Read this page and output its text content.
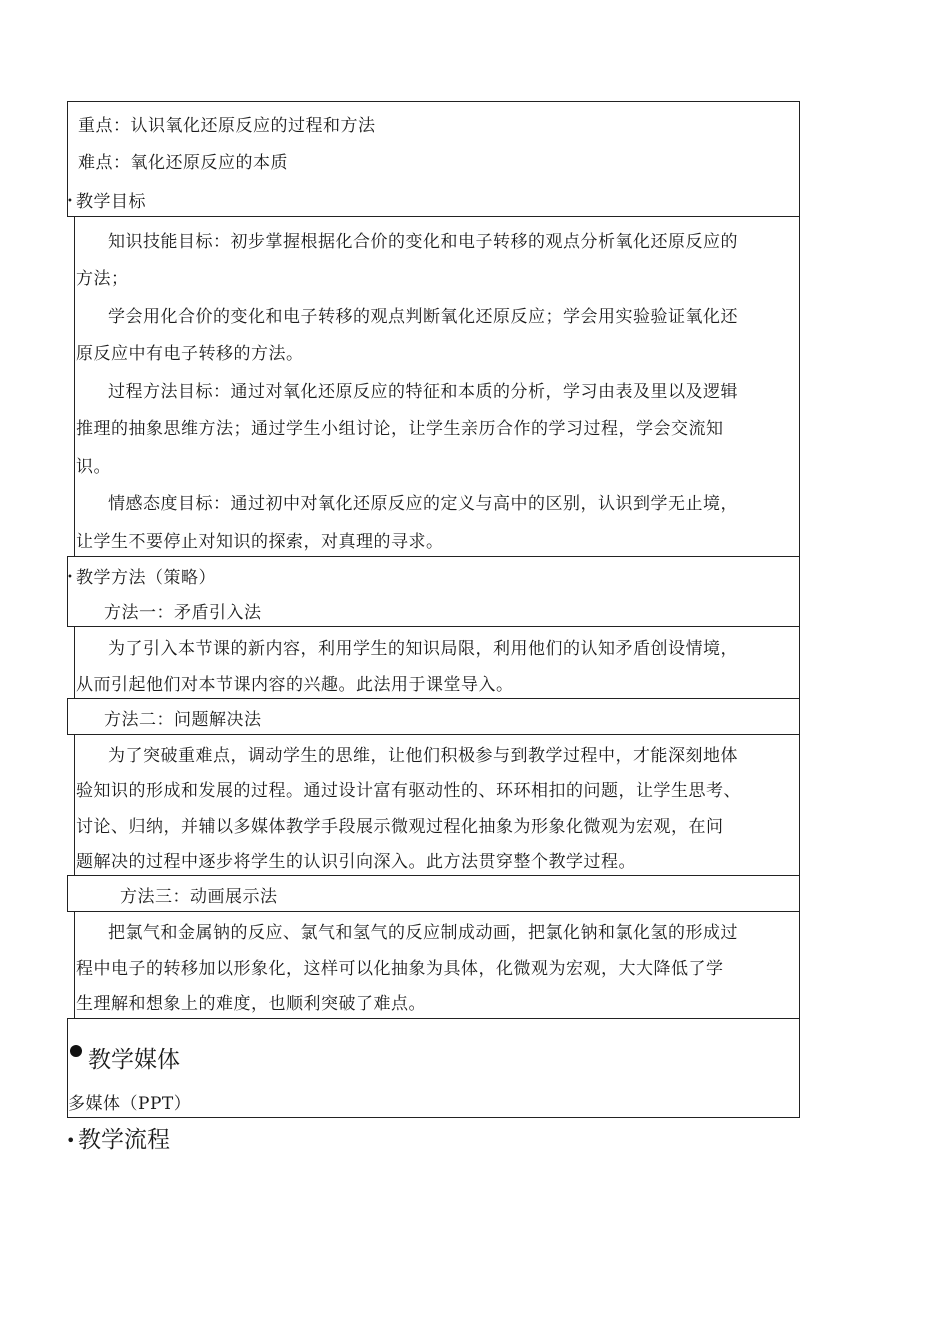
重点：认识氧化还原反应的过程和方法
难点：氧化还原反应的本质
• 教学目标
知识技能目标：初步掌握根据化合价的变化和电子转移的观点分析氧化还原反应的
方法；
学会用化合价的变化和电子转移的观点判断氧化还原反应；学会用实验验证氧化还
原反应中有电子转移的方法。
过程方法目标：通过对氧化还原反应的特征和本质的分析，学习由表及里以及逻辑
推理的抽象思维方法；通过学生小组讨论，让学生亲历合作的学习过程，学会交流知
识。
情感态度目标：通过初中对氧化还原反应的定义与高中的区别，认识到学无止境，
让学生不要停止对知识的探索，对真理的寻求。
• 教学方法（策略）
方法一：矛盾引入法
为了引入本节课的新内容，利用学生的知识局限，利用他们的认知矛盾创设情境，
从而引起他们对本节课内容的兴趣。此法用于课堂导入。
方法二：问题解决法
为了突破重难点，调动学生的思维，让他们积极参与到教学过程中，才能深刻地体
验知识的形成和发展的过程。通过设计富有驱动性的、环环相扣的问题，让学生思考、
讨论、归纳，并辅以多媒体教学手段展示微观过程化抽象为形象化微观为宏观，在问
题解决的过程中逐步将学生的认识引向深入。此方法贯穿整个教学过程。
方法三：动画展示法
把氯气和金属钠的反应、氯气和氢气的反应制成动画，把氯化钠和氯化氢的形成过
程中电子的转移加以形象化，这样可以化抽象为具体，化微观为宏观，大大降低了学
生理解和想象上的难度，也顺利突破了难点。
教学媒体
多媒体（PPT）
• 教学流程
